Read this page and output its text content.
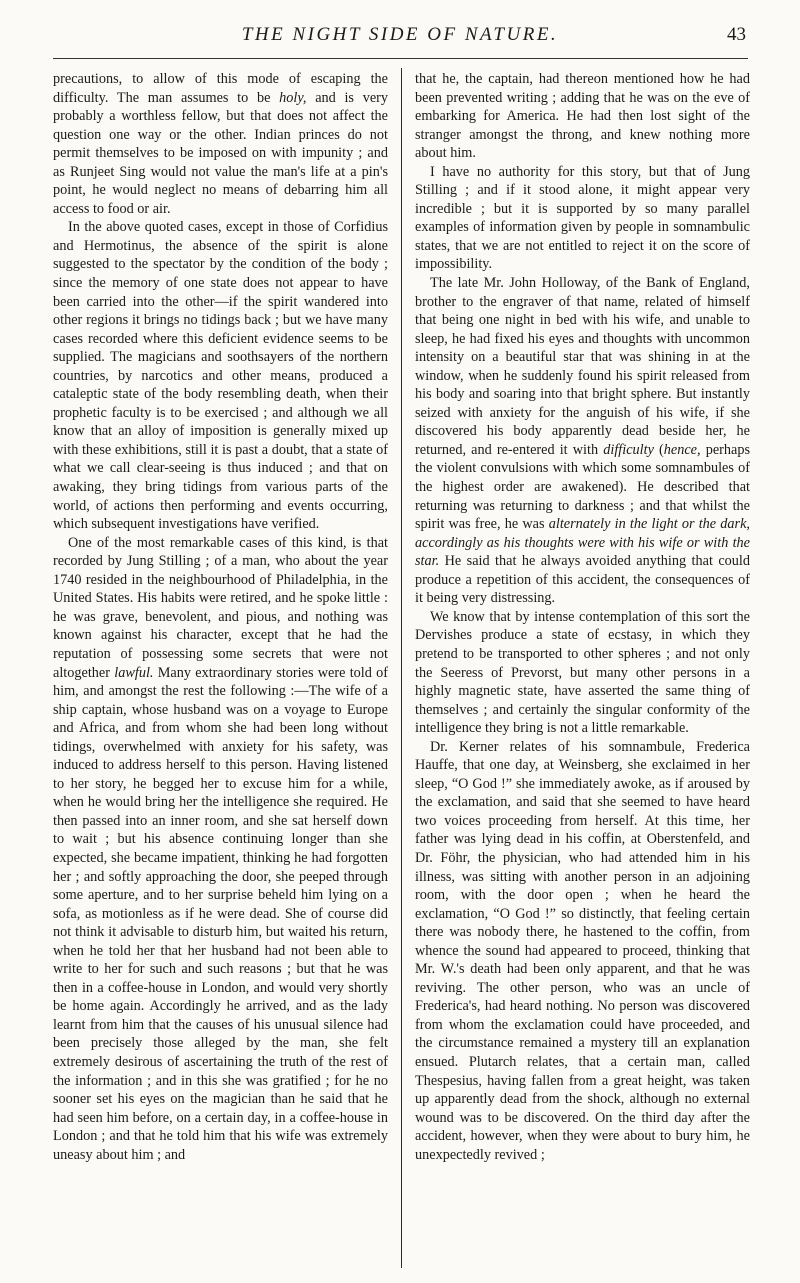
THE NIGHT SIDE OF NATURE.	43

precautions, to allow of this mode of escaping the difficulty. The man assumes to be holy, and is very probably a worthless fellow, but that does not affect the question one way or the other. Indian princes do not permit themselves to be imposed on with impunity ; and as Runjeet Sing would not value the man's life at a pin's point, he would neglect no means of debarring him all access to food or air.

In the above quoted cases, except in those of Corfidius and Hermotinus, the absence of the spirit is alone suggested to the spectator by the condition of the body ; since the memory of one state does not appear to have been carried into the other—if the spirit wandered into other regions it brings no tidings back ; but we have many cases recorded where this deficient evidence seems to be supplied. The magicians and soothsayers of the northern countries, by narcotics and other means, produced a cataleptic state of the body resembling death, when their prophetic faculty is to be exercised ; and although we all know that an alloy of imposition is generally mixed up with these exhibitions, still it is past a doubt, that a state of what we call clear-seeing is thus induced ; and that on awaking, they bring tidings from various parts of the world, of actions then performing and events occurring, which subsequent investigations have verified.

One of the most remarkable cases of this kind, is that recorded by Jung Stilling ; of a man, who about the year 1740 resided in the neighbourhood of Philadelphia, in the United States. His habits were retired, and he spoke little : he was grave, benevolent, and pious, and nothing was known against his character, except that he had the reputation of possessing some secrets that were not altogether lawful. Many extraordinary stories were told of him, and amongst the rest the following :—The wife of a ship captain, whose husband was on a voyage to Europe and Africa, and from whom she had been long without tidings, overwhelmed with anxiety for his safety, was induced to address herself to this person. Having listened to her story, he begged her to excuse him for a while, when he would bring her the intelligence she required. He then passed into an inner room, and she sat herself down to wait ; but his absence continuing longer than she expected, she became impatient, thinking he had forgotten her ; and softly approaching the door, she peeped through some aperture, and to her surprise beheld him lying on a sofa, as motionless as if he were dead. She of course did not think it advisable to disturb him, but waited his return, when he told her that her husband had not been able to write to her for such and such reasons ; but that he was then in a coffee-house in London, and would very shortly be home again. Accordingly he arrived, and as the lady learnt from him that the causes of his unusual silence had been precisely those alleged by the man, she felt extremely desirous of ascertaining the truth of the rest of the information ; and in this she was gratified ; for he no sooner set his eyes on the magician than he said that he had seen him before, on a certain day, in a coffee-house in London ; and that he told him that his wife was extremely uneasy about him ; and

that he, the captain, had thereon mentioned how he had been prevented writing ; adding that he was on the eve of embarking for America. He had then lost sight of the stranger amongst the throng, and knew nothing more about him.

I have no authority for this story, but that of Jung Stilling ; and if it stood alone, it might appear very incredible ; but it is supported by so many parallel examples of information given by people in somnambulic states, that we are not entitled to reject it on the score of impossibility.

The late Mr. John Holloway, of the Bank of England, brother to the engraver of that name, related of himself that being one night in bed with his wife, and unable to sleep, he had fixed his eyes and thoughts with uncommon intensity on a beautiful star that was shining in at the window, when he suddenly found his spirit released from his body and soaring into that bright sphere. But instantly seized with anxiety for the anguish of his wife, if she discovered his body apparently dead beside her, he returned, and re-entered it with difficulty (hence, perhaps the violent convulsions with which some somnambules of the highest order are awakened). He described that returning was returning to darkness ; and that whilst the spirit was free, he was alternately in the light or the dark, accordingly as his thoughts were with his wife or with the star. He said that he always avoided anything that could produce a repetition of this accident, the consequences of it being very distressing.

We know that by intense contemplation of this sort the Dervishes produce a state of ecstasy, in which they pretend to be transported to other spheres ; and not only the Seeress of Prevorst, but many other persons in a highly magnetic state, have asserted the same thing of themselves ; and certainly the singular conformity of the intelligence they bring is not a little remarkable.

Dr. Kerner relates of his somnambule, Frederica Hauffe, that one day, at Weinsberg, she exclaimed in her sleep, “O God !” she immediately awoke, as if aroused by the exclamation, and said that she seemed to have heard two voices proceeding from herself. At this time, her father was lying dead in his coffin, at Oberstenfeld, and Dr. Föhr, the physician, who had attended him in his illness, was sitting with another person in an adjoining room, with the door open ; when he heard the exclamation, “O God !” so distinctly, that feeling certain there was nobody there, he hastened to the coffin, from whence the sound had appeared to proceed, thinking that Mr. W.'s death had been only apparent, and that he was reviving. The other person, who was an uncle of Frederica's, had heard nothing. No person was discovered from whom the exclamation could have proceeded, and the circumstance remained a mystery till an explanation ensued. Plutarch relates, that a certain man, called Thespesius, having fallen from a great height, was taken up apparently dead from the shock, although no external wound was to be discovered. On the third day after the accident, however, when they were about to bury him, he unexpectedly revived ;
